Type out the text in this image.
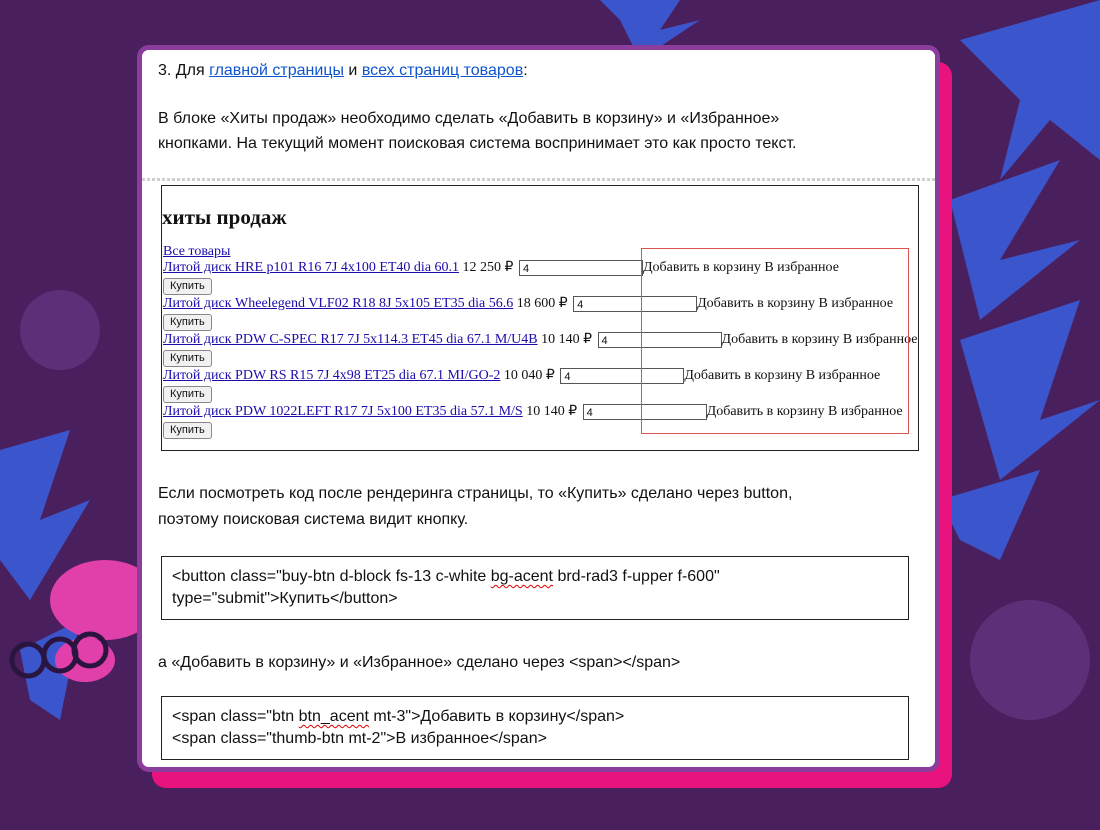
3. Для главной страницы и всех страниц товаров:
В блоке «Хиты продаж» необходимо сделать «Добавить в корзину» и «Избранное»
кнопками. На текущий момент поисковая система воспринимает это как просто текст.
хиты продаж
Все товары
Литой диск HRE p101 R16 7J 4x100 ET40 dia 60.1 12 250 ₽ 4	Добавить в корзину В избранное
Купить
Литой диск Wheelegend VLF02 R18 8J 5x105 ET35 dia 56.6 18 600 ₽ 4	Добавить в корзину В избранное
Купить
Литой диск PDW C-SPEC R17 7J 5x114.3 ET45 dia 67.1 M/U4B 10 140 ₽ 4	Добавить в корзину В избранное
Купить
Литой диск PDW RS R15 7J 4x98 ET25 dia 67.1 MI/GO-2 10 040 ₽ 4	Добавить в корзину В избранное
Купить
Литой диск PDW 1022LEFT R17 7J 5x100 ET35 dia 57.1 M/S 10 140 ₽ 4	Добавить в корзину В избранное
Купить
Если посмотреть код после рендеринга страницы, то «Купить» сделано через button,
поэтому поисковая система видит кнопку.
<button class="buy-btn d-block fs-13 c-white bg-acent brd-rad3 f-upper f-600"
type="submit">Купить</button>
а «Добавить в корзину» и «Избранное» сделано через <span></span>
<span class="btn btn_acent mt-3">Добавить в корзину</span>
<span class="thumb-btn mt-2">В избранное</span>
